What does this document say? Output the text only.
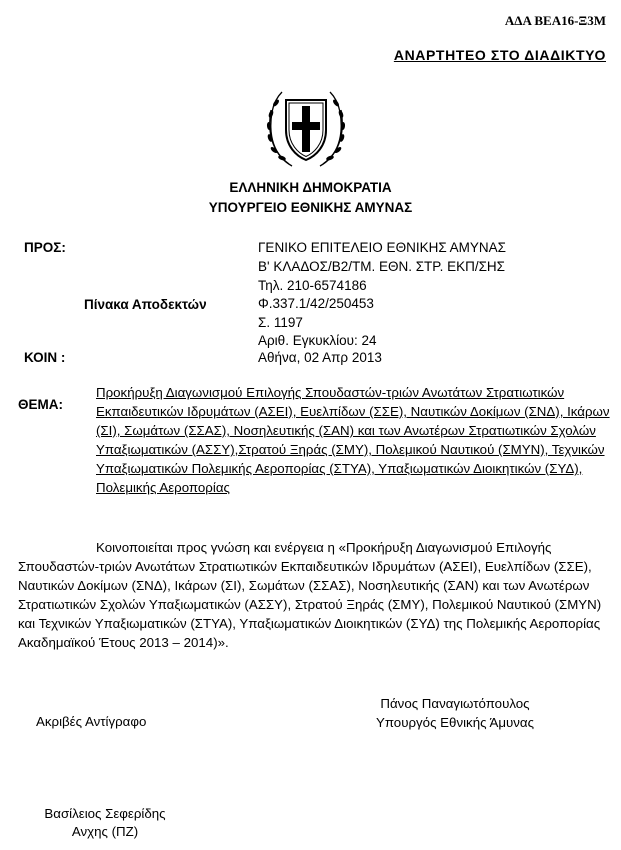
ΑΔΑ ΒΕΑ16-Ξ3Μ
ΑΝΑΡΤΗΤΕΟ ΣΤΟ ΔΙΑΔΙΚΤΥΟ
ΕΛΛΗΝΙΚΗ ΔΗΜΟΚΡΑΤΙΑ
ΥΠΟΥΡΓΕΙΟ ΕΘΝΙΚΗΣ ΑΜΥΝΑΣ
ΠΡΟΣ:
Πίνακα Αποδεκτών
ΚΟΙΝ :
ΓΕΝΙΚΟ ΕΠΙΤΕΛΕΙΟ ΕΘΝΙΚΗΣ ΑΜΥΝΑΣ
Β' ΚΛΑΔΟΣ/Β2/ΤΜ. ΕΘΝ. ΣΤΡ. ΕΚΠ/ΣΗΣ
Τηλ. 210-6574186
Φ.337.1/42/250453
Σ. 1197
Αριθ. Εγκυκλίου: 24
Αθήνα, 02 Απρ 2013
ΘΕΜΑ:
Προκήρυξη Διαγωνισμού Επιλογής Σπουδαστών-τριών Ανωτάτων Στρατιωτικών Εκπαιδευτικών Ιδρυμάτων (ΑΣΕΙ), Ευελπίδων (ΣΣΕ), Ναυτικών Δοκίμων (ΣΝΔ), Ικάρων (ΣΙ), Σωμάτων (ΣΣΑΣ), Νοσηλευτικής (ΣΑΝ) και των Ανωτέρων Στρατιωτικών Σχολών Υπαξιωματικών (ΑΣΣΥ),Στρατού Ξηράς (ΣΜΥ), Πολεμικού Ναυτικού (ΣΜΥΝ), Τεχνικών Υπαξιωματικών Πολεμικής Αεροπορίας (ΣΤΥΑ), Υπαξιωματικών Διοικητικών (ΣΥΔ), Πολεμικής Αεροπορίας
Κοινοποιείται προς γνώση και ενέργεια η «Προκήρυξη Διαγωνισμού Επιλογής Σπουδαστών-τριών Ανωτάτων Στρατιωτικών Εκπαιδευτικών Ιδρυμάτων (ΑΣΕΙ), Ευελπίδων (ΣΣΕ), Ναυτικών Δοκίμων (ΣΝΔ), Ικάρων (ΣΙ), Σωμάτων (ΣΣΑΣ), Νοσηλευτικής (ΣΑΝ) και των Ανωτέρων Στρατιωτικών Σχολών Υπαξιωματικών (ΑΣΣΥ), Στρατού Ξηράς (ΣΜΥ), Πολεμικού Ναυτικού (ΣΜΥΝ) και Τεχνικών Υπαξιωματικών (ΣΤΥΑ), Υπαξιωματικών Διοικητικών (ΣΥΔ) της Πολεμικής Αεροπορίας Ακαδημαϊκού Έτους 2013 – 2014)».
Πάνος Παναγιωτόπουλος
Υπουργός Εθνικής Άμυνας
Ακριβές Αντίγραφο
Βασίλειος Σεφερίδης
Ανχης (ΠΖ)
